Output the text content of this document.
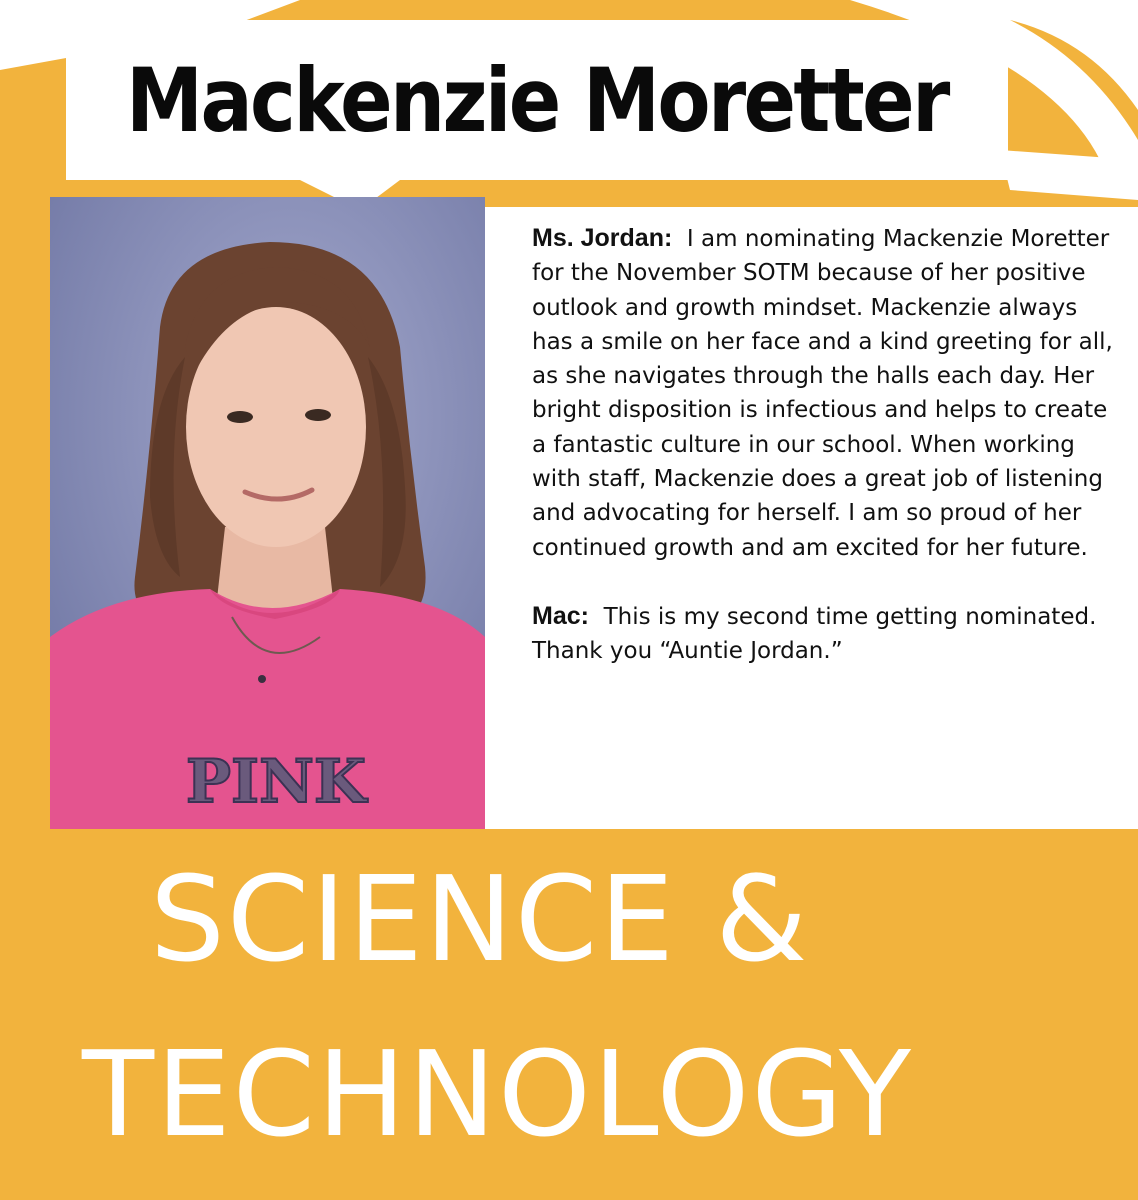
Mackenzie Moretter
PINK

Ms. Jordan: I am nominating Mackenzie Moretter for the November SOTM because of her positive outlook and growth mindset. Mackenzie always has a smile on her face and a kind greeting for all, as she navigates through the halls each day. Her bright disposition is infectious and helps to create a fantastic culture in our school. When working with staff, Mackenzie does a great job of listening and advocating for herself. I am so proud of her continued growth and am excited for her future.

Mac: This is my second time getting nominated. Thank you “Auntie Jordan.”

SCIENCE &
TECHNOLOGY
